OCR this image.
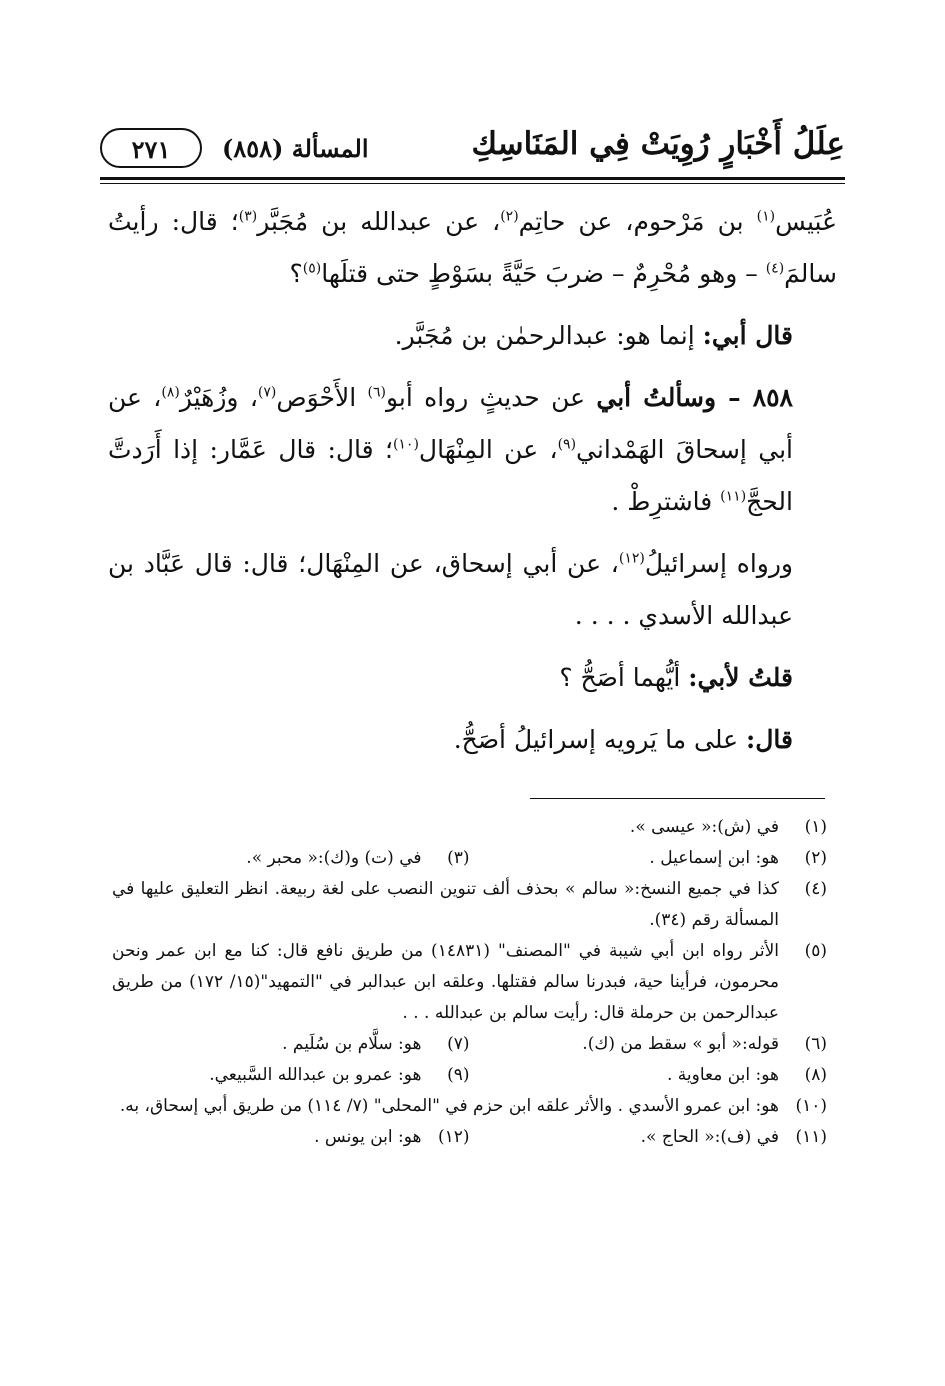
عِلَلُ أَخْبَارٍ رُوِيَتْ فِي المَنَاسِكِ
المسألة (٨٥٨)
٢٧١

عُبَيس$^{(١)}$ بن مَرْحوم، عن حاتِم$^{(٢)}$، عن عبدالله بن مُجَبَّر$^{(٣)}$؛ قال: رأيتُ سالمَ$^{(٤)}$ – وهو مُحْرِمٌ – ضربَ حَيَّةً بسَوْطٍ حتى قتلَها$^{(٥)}$؟

قال أبي: إنما هو: عبدالرحمٰن بن مُجَبَّر.

٨٥٨ – وسألتُ أبي عن حديثٍ رواه أبو$^{(٦)}$ الأَحْوَص$^{(٧)}$، وزُهَيْرٌ$^{(٨)}$، عن أبي إسحاقَ الهَمْداني$^{(٩)}$، عن المِنْهَال$^{(١٠)}$؛ قال: قال عَمَّار: إذا أَرَدتَّ الحجَّ$^{(١١)}$ فاشترِطْ .

ورواه إسرائيلُ$^{(١٢)}$، عن أبي إسحاق، عن المِنْهَال؛ قال: قال عَبَّاد بن عبدالله الأسدي . . . .

قلتُ لأبي: أيُّهما أصَحُّ ؟

قال: على ما يَرويه إسرائيلُ أصَحُّ.

(١)
في (ش):« عيسى ».
(٢)
هو: ابن إسماعيل .
(٣)
في (ت) و(ك):« محبر ».
(٤)
كذا في جميع النسخ:« سالم » بحذف ألف تنوين النصب على لغة ربيعة. انظر التعليق عليها في المسألة رقم (٣٤).
(٥)
الأثر رواه ابن أبي شيبة في "المصنف" (١٤٨٣١) من طريق نافع قال: كنا مع ابن عمر ونحن محرمون، فرأينا حية، فبدرنا سالم فقتلها. وعلقه ابن عبدالبر في "التمهيد"(١٥/ ١٧٢) من طريق عبدالرحمن بن حرملة قال: رأيت سالم بن عبدالله . . .
(٦)
قوله:« أبو » سقط من (ك).
(٧)
هو: سلَّام بن سُلَيم .
(٨)
هو: ابن معاوية .
(٩)
هو: عمرو بن عبدالله السَّبيعي.
(١٠)
هو: ابن عمرو الأسدي . والأثر علقه ابن حزم في "المحلى" (٧/ ١١٤) من طريق أبي إسحاق، به.
(١١)
في (ف):« الحاج ».
(١٢)
هو: ابن يونس .
